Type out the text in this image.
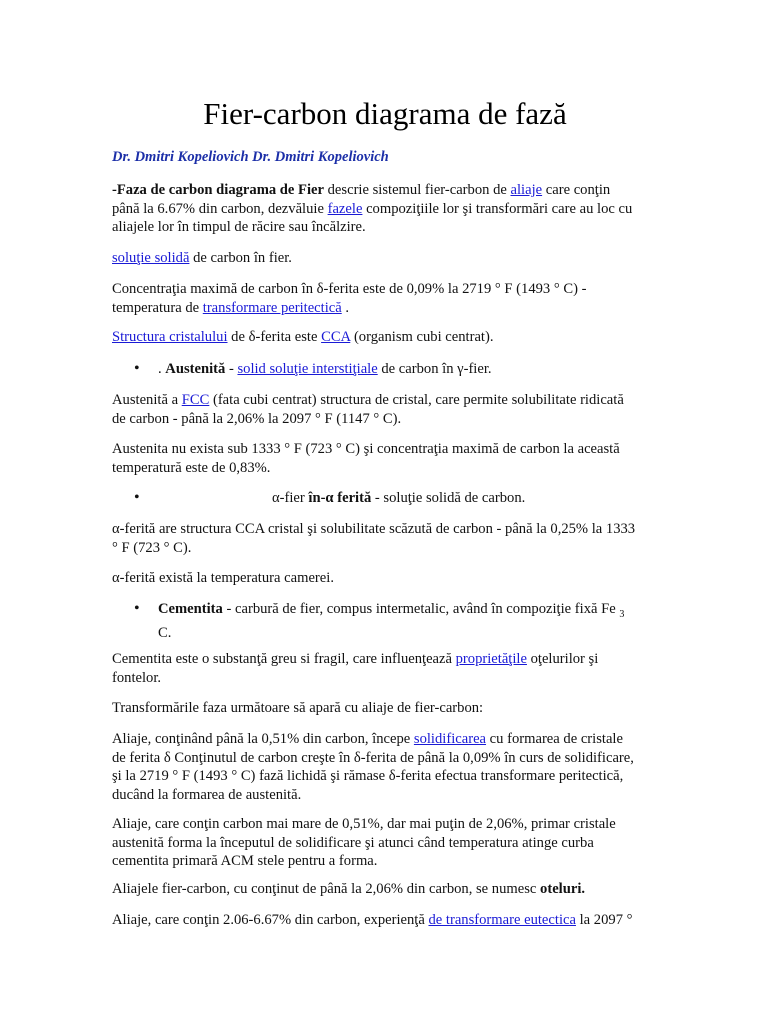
Fier-carbon diagrama de fază

Dr. Dmitri Kopeliovich Dr. Dmitri Kopeliovich

-Faza de carbon diagrama de Fier descrie sistemul fier-carbon de aliaje care conţin
până la 6.67% din carbon, dezvăluie fazele compoziţiile lor şi transformări care au loc cu
aliajele lor în timpul de răcire sau încălzire.

soluţie solidă de carbon în fier.

Concentraţia maximă de carbon în δ-ferita este de 0,09% la 2719 ° F (1493 ° C) -
temperatura de transformare peritectică .

Structura cristalului de δ-ferita este CCA (organism cubi centrat).

• . Austenită - solid soluţie interstiţiale de carbon în γ-fier.

Austenită a FCC (fata cubi centrat) structura de cristal, care permite solubilitate ridicată
de carbon - până la 2,06% la 2097 ° F (1147 ° C).

Austenita nu exista sub 1333 ° F (723 ° C) şi concentraţia maximă de carbon la această
temperatură este de 0,83%.

•	α-fier în-α ferită - soluţie solidă de carbon.

α-ferită are structura CCA cristal şi solubilitate scăzută de carbon - până la 0,25% la 1333
° F (723 ° C).

α-ferită există la temperatura camerei.

• Cementita - carbură de fier, compus intermetalic, având în compoziţie fixă Fe $_3$
C.

Cementita este o substanţă greu si fragil, care influenţează proprietăţile oţelurilor şi
fontelor.

Transformările faza următoare să apară cu aliaje de fier-carbon:

Aliaje, conţinând până la 0,51% din carbon, începe solidificarea cu formarea de cristale
de ferita δ Conţinutul de carbon creşte în δ-ferita de până la 0,09% în curs de solidificare,
şi la 2719 ° F (1493 ° C) fază lichidă şi rămase δ-ferita efectua transformare peritectică,
ducând la formarea de austenită.

Aliaje, care conţin carbon mai mare de 0,51%, dar mai puţin de 2,06%, primar cristale
austenită forma la începutul de solidificare şi atunci când temperatura atinge curba
cementita primară ACM stele pentru a forma.

Aliajele fier-carbon, cu conţinut de până la 2,06% din carbon, se numesc oteluri.

Aliaje, care conţin 2.06-6.67% din carbon, experienţă de transformare eutectica la 2097 °
